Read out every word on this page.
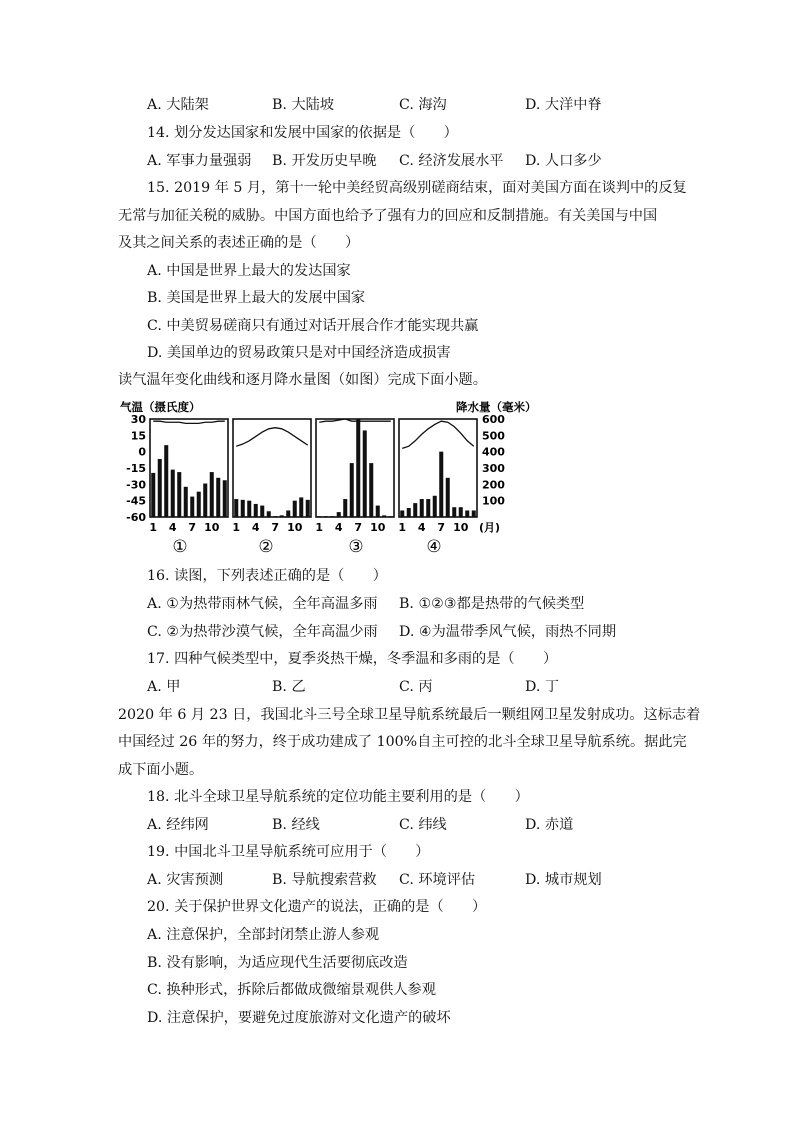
A. 大陆架	B. 大陆坡	C. 海沟	D. 大洋中脊
14. 划分发达国家和发展中国家的依据是（　　）
A. 军事力量强弱 B. 开发历史早晚 C. 经济发展水平 D. 人口多少
15. 2019 年 5 月，第十一轮中美经贸高级别磋商结束，面对美国方面在谈判中的反复
无常与加征关税的威胁。中国方面也给予了强有力的回应和反制措施。有关美国与中国
及其之间关系的表述正确的是（　　）
A. 中国是世界上最大的发达国家
B. 美国是世界上最大的发展中国家
C. 中美贸易磋商只有通过对话开展合作才能实现共赢
D. 美国单边的贸易政策只是对中国经济造成损害
读气温年变化曲线和逐月降水量图（如图）完成下面小题。
气温（摄氏度）	降水量（毫米）
30
15
0
-15
-30
-45
-60
600
500
400
300
200
100
1 4 7 10 1 4 7 10 1 4 7 10 1 4 7 10 (月)
①	②	③	④
16. 读图，下列表述正确的是（　　）
A. ①为热带雨林气候，全年高温多雨 B. ①②③都是热带的气候类型
C. ②为热带沙漠气候，全年高温少雨 D. ④为温带季风气候，雨热不同期
17. 四种气候类型中，夏季炎热干燥，冬季温和多雨的是（　　）
A. 甲	B. 乙	C. 丙	D. 丁
2020 年 6 月 23 日，我国北斗三号全球卫星导航系统最后一颗组网卫星发射成功。这标志着
中国经过 26 年的努力，终于成功建成了 100%自主可控的北斗全球卫星导航系统。据此完
成下面小题。
18. 北斗全球卫星导航系统的定位功能主要利用的是（　　）
A. 经纬网	B. 经线	C. 纬线	D. 赤道
19. 中国北斗卫星导航系统可应用于（　　）
A. 灾害预测	B. 导航搜索营救 C. 环境评估	D. 城市规划
20. 关于保护世界文化遗产的说法，正确的是（　　）
A. 注意保护，全部封闭禁止游人参观
B. 没有影响，为适应现代生活要彻底改造
C. 换种形式，拆除后都做成微缩景观供人参观
D. 注意保护，要避免过度旅游对文化遗产的破坏
